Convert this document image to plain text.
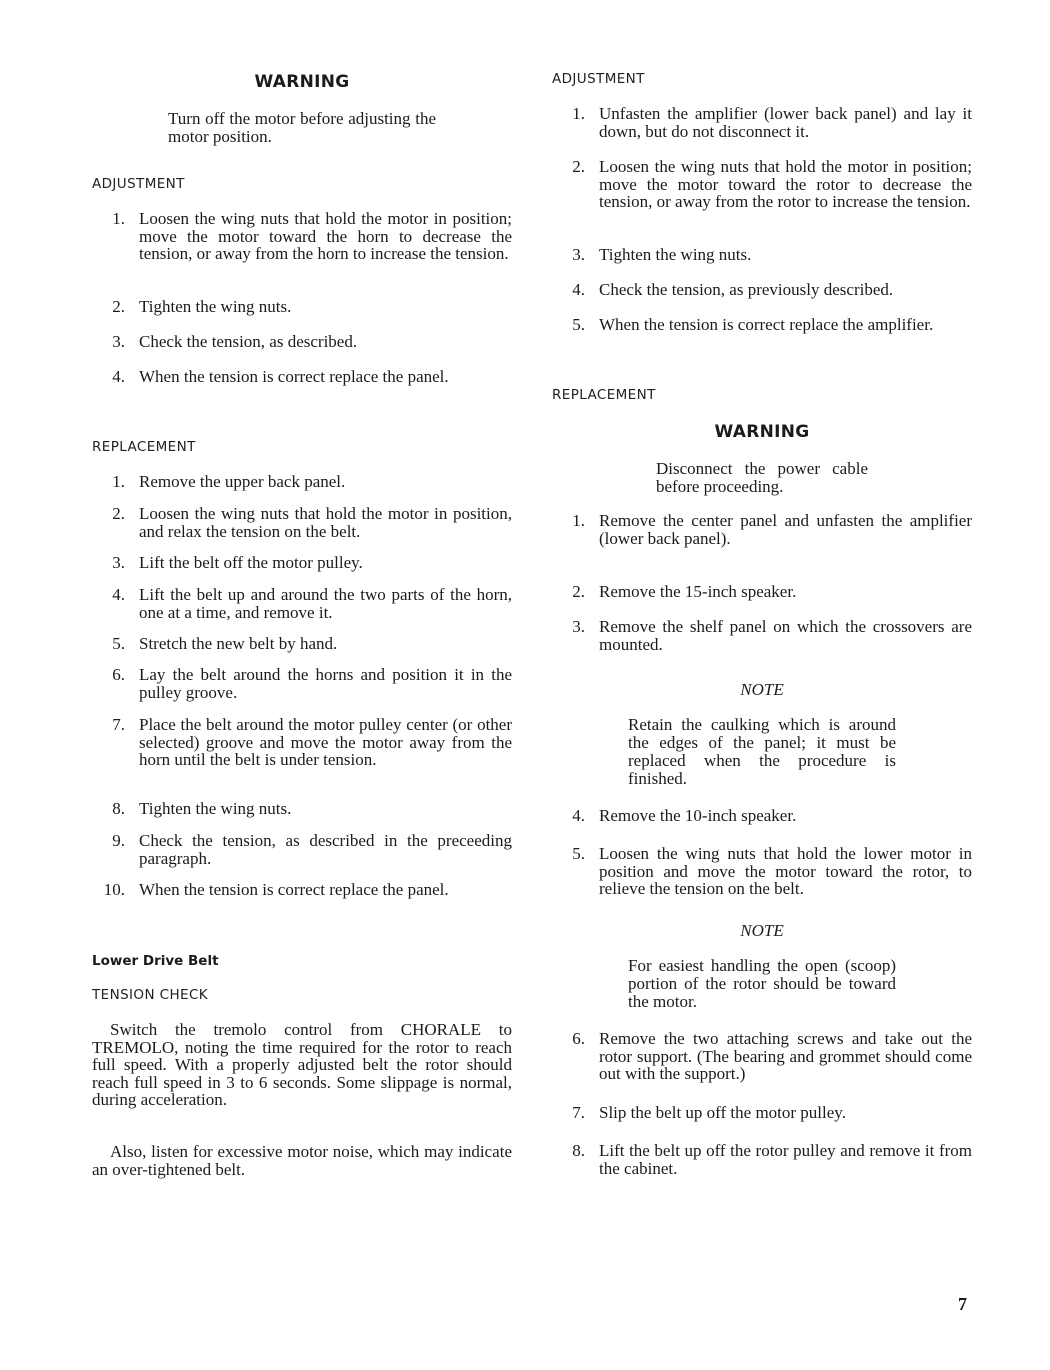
WARNING
Turn off the motor before adjusting the motor position.
ADJUSTMENT
1. Loosen the wing nuts that hold the motor in position; move the motor toward the horn to decrease the tension, or away from the horn to increase the tension.
2. Tighten the wing nuts.
3. Check the tension, as described.
4. When the tension is correct replace the panel.
REPLACEMENT
1. Remove the upper back panel.
2. Loosen the wing nuts that hold the motor in position, and relax the tension on the belt.
3. Lift the belt off the motor pulley.
4. Lift the belt up and around the two parts of the horn, one at a time, and remove it.
5. Stretch the new belt by hand.
6. Lay the belt around the horns and position it in the pulley groove.
7. Place the belt around the motor pulley center (or other selected) groove and move the motor away from the horn until the belt is under tension.
8. Tighten the wing nuts.
9. Check the tension, as described in the preceeding paragraph.
10. When the tension is correct replace the panel.
Lower Drive Belt
TENSION CHECK
Switch the tremolo control from CHORALE to TREMOLO, noting the time required for the rotor to reach full speed. With a properly adjusted belt the rotor should reach full speed in 3 to 6 seconds. Some slippage is normal, during acceleration.
Also, listen for excessive motor noise, which may indicate an over-tightened belt.
ADJUSTMENT
1. Unfasten the amplifier (lower back panel) and lay it down, but do not disconnect it.
2. Loosen the wing nuts that hold the motor in position; move the motor toward the rotor to decrease the tension, or away from the rotor to increase the tension.
3. Tighten the wing nuts.
4. Check the tension, as previously described.
5. When the tension is correct replace the amplifier.
REPLACEMENT
WARNING
Disconnect the power cable before proceeding.
1. Remove the center panel and unfasten the amplifier (lower back panel).
2. Remove the 15-inch speaker.
3. Remove the shelf panel on which the crossovers are mounted.
NOTE
Retain the caulking which is around the edges of the panel; it must be replaced when the procedure is finished.
4. Remove the 10-inch speaker.
5. Loosen the wing nuts that hold the lower motor in position and move the motor toward the rotor, to relieve the tension on the belt.
NOTE
For easiest handling the open (scoop) portion of the rotor should be toward the motor.
6. Remove the two attaching screws and take out the rotor support. (The bearing and grommet should come out with the support.)
7. Slip the belt up off the motor pulley.
8. Lift the belt up off the rotor pulley and remove it from the cabinet.
7
